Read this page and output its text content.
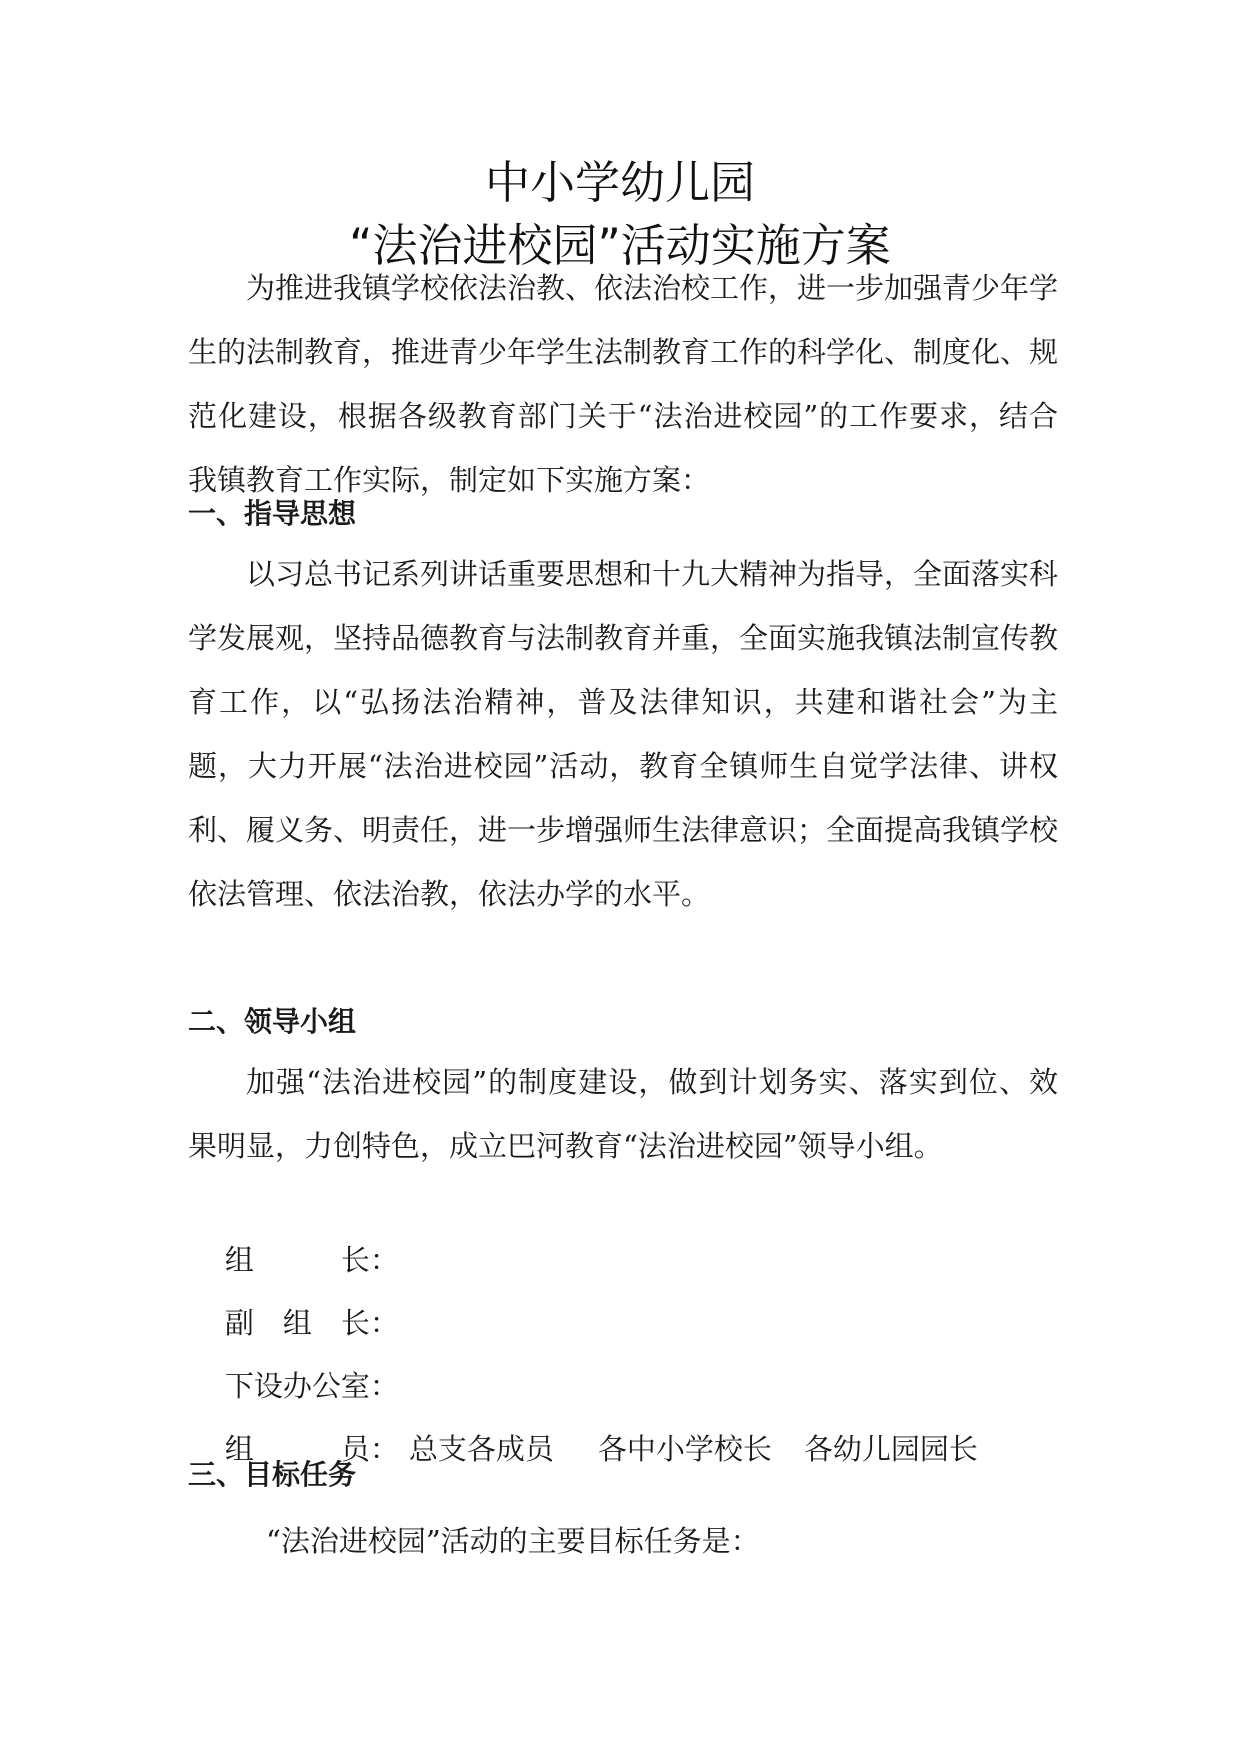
中小学幼儿园
“法治进校园”活动实施方案
为推进我镇学校依法治教、依法治校工作，进一步加强青少年学生的法制教育，推进青少年学生法制教育工作的科学化、制度化、规范化建设，根据各级教育部门关于“法治进校园”的工作要求，结合我镇教育工作实际，制定如下实施方案：
一、指导思想
以习总书记系列讲话重要思想和十九大精神为指导，全面落实科学发展观，坚持品德教育与法制教育并重，全面实施我镇法制宣传教育工作，以“弘扬法治精神，普及法律知识，共建和谐社会”为主题，大力开展“法治进校园”活动，教育全镇师生自觉学法律、讲权利、履义务、明责任，进一步增强师生法律意识；全面提高我镇学校依法管理、依法治教，依法办学的水平。
二、领导小组
加强“法治进校园”的制度建设，做到计划务实、落实到位、效果明显，力创特色，成立巴河教育“法治进校园”领导小组。

组　　　长：

副　组　长：

下设办公室：

组　　　员： 总支各成员 各中小学校长 各幼儿园园长

三、目标任务
“法治进校园”活动的主要目标任务是：
